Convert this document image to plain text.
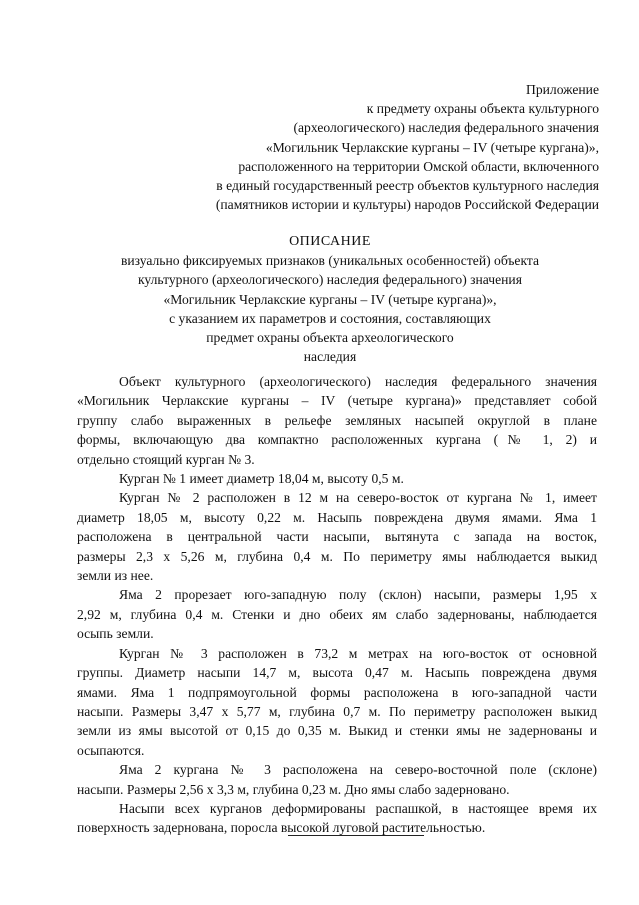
Приложение
к предмету охраны объекта культурного
(археологического) наследия федерального значения
«Могильник Черлакские курганы – IV (четыре кургана)»,
расположенного на территории Омской области, включенного
в единый государственный реестр объектов культурного наследия
(памятников истории и культуры) народов Российской Федерации
ОПИСАНИЕ
визуально фиксируемых признаков (уникальных особенностей) объекта
культурного (археологического) наследия федерального) значения
«Могильник Черлакские курганы – IV (четыре кургана)»,
с указанием их параметров и состояния, составляющих
предмет охраны объекта археологического
наследия
Объект культурного (археологического) наследия федерального значения
«Могильник Черлакские курганы – IV (четыре кургана)» представляет собой
группу слабо выраженных в рельефе земляных насыпей округлой в плане
формы, включающую два компактно расположенных кургана (№ 1, 2) и
отдельно стоящий курган № 3.
Курган № 1 имеет диаметр 18,04 м, высоту 0,5 м.
Курган № 2 расположен в 12 м на северо-восток от кургана № 1, имеет
диаметр 18,05 м, высоту 0,22 м. Насыпь повреждена двумя ямами. Яма 1
расположена в центральной части насыпи, вытянута с запада на восток,
размеры 2,3 х 5,26 м, глубина 0,4 м. По периметру ямы наблюдается выкид
земли из нее.
Яма 2 прорезает юго-западную полу (склон) насыпи, размеры 1,95 х
2,92 м, глубина 0,4 м. Стенки и дно обеих ям слабо задернованы, наблюдается
осыпь земли.
Курган № 3 расположен в 73,2 м метрах на юго-восток от основной
группы. Диаметр насыпи 14,7 м, высота 0,47 м. Насыпь повреждена двумя
ямами. Яма 1 подпрямоугольной формы расположена в юго-западной части
насыпи. Размеры 3,47 х 5,77 м, глубина 0,7 м. По периметру расположен выкид
земли из ямы высотой от 0,15 до 0,35 м. Выкид и стенки ямы не задернованы и
осыпаются.
Яма 2 кургана № 3 расположена на северо-восточной поле (склоне)
насыпи. Размеры 2,56 х 3,3 м, глубина 0,23 м. Дно ямы слабо задерновано.
Насыпи всех курганов деформированы распашкой, в настоящее время их
поверхность задернована, поросла высокой луговой растительностью.
